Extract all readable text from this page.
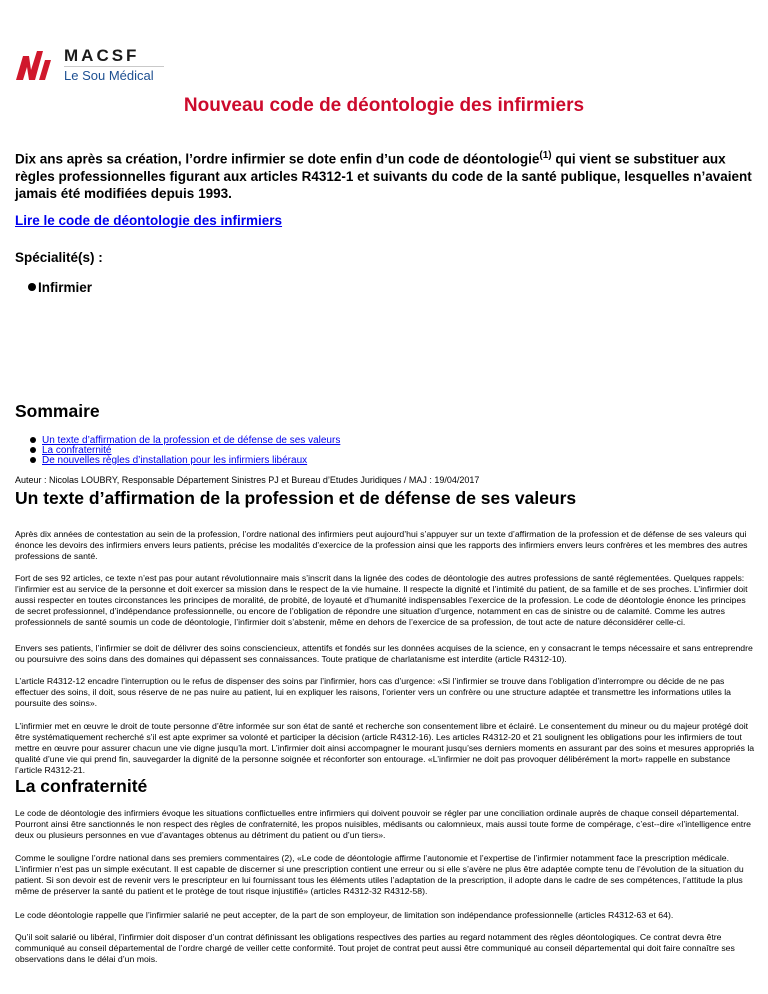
MACSF
Le Sou Médical
Nouveau code de déontologie des infirmiers
Dix ans après sa création, l’ordre infirmier se dote enfin d’un code de déontologie$^{(1)}$ qui vient se substituer aux règles professionnelles figurant aux articles R4312-1 et suivants du code de la santé publique, lesquelles n’avaient jamais été modifiées depuis 1993.
Lire le code de déontologie des infirmiers
Spécialité(s) :
Infirmier
Sommaire
Un texte d’affirmation de la profession et de défense de ses valeurs
La confraternité
De nouvelles règles d’installation pour les infirmiers libéraux
Auteur : Nicolas LOUBRY, Responsable Département Sinistres PJ et Bureau d’Etudes Juridiques / MAJ : 19/04/2017
Un texte d’affirmation de la profession et de défense de ses valeurs

Après dix années de contestation au sein de la profession, l’ordre national des infirmiers peut aujourd’hui s’appuyer sur un texte d’affirmation de la profession et de défense de ses valeurs qui énonce les devoirs des infirmiers envers leurs patients, précise les modalités d’exercice de la profession ainsi que les rapports des infirmiers envers leurs confrères et les membres des autres professions de santé.

Fort de ses 92 articles, ce texte n’est pas pour autant révolutionnaire mais s’inscrit dans la lignée des codes de déontologie des autres professions de santé réglementées. Quelques rappels: l’infirmier est au service de la personne et doit exercer sa mission dans le respect de la vie humaine. Il respecte la dignité et l’intimité du patient, de sa famille et de ses proches. L’infirmier doit aussi respecter en toutes circonstances les principes de moralité, de probité, de loyauté et d’humanité indispensables l’exercice de la profession. Le code de déontologie énonce les principes de secret professionnel, d’indépendance professionnelle, ou encore de l’obligation de répondre une situation d’urgence, notamment en cas de sinistre ou de calamité. Comme les autres professionnels de santé soumis un code de déontologie, l’infirmier doit s’abstenir, même en dehors de l’exercice de sa profession, de tout acte de nature déconsidérer celle-ci.

Envers ses patients, l’infirmier se doit de délivrer des soins consciencieux, attentifs et fondés sur les données acquises de la science, en y consacrant le temps nécessaire et sans entreprendre ou poursuivre des soins dans des domaines qui dépassent ses connaissances. Toute pratique de charlatanisme est interdite (article R4312-10).

L’article R4312-12 encadre l’interruption ou le refus de dispenser des soins par l’infirmier, hors cas d’urgence: «Si l’infirmier se trouve dans l’obligation d’interrompre ou décide de ne pas effectuer des soins, il doit, sous réserve de ne pas nuire au patient, lui en expliquer les raisons, l’orienter vers un confrère ou une structure adaptée et transmettre les informations utiles la poursuite des soins».

L’infirmier met en œuvre le droit de toute personne d’être informée sur son état de santé et recherche son consentement libre et éclairé. Le consentement du mineur ou du majeur protégé doit être systématiquement recherché s’il est apte exprimer sa volonté et participer la décision (article R4312-16). Les articles R4312-20 et 21 soulignent les obligations pour les infirmiers de tout mettre en œuvre pour assurer chacun une vie digne jusqu’la mort. L’infirmier doit ainsi accompagner le mourant jusqu’ses derniers moments en assurant par des soins et mesures appropriés la qualité d’une vie qui prend fin, sauvegarder la dignité de la personne soignée et réconforter son entourage. «L’infirmier ne doit pas provoquer délibérément la mort» rappelle en substance l’article R4312-21.

La confraternité

Le code de déontologie des infirmiers évoque les situations conflictuelles entre infirmiers qui doivent pouvoir se régler par une conciliation ordinale auprès de chaque conseil départemental. Pourront ainsi être sanctionnés le non respect des règles de confraternité, les propos nuisibles, médisants ou calomnieux, mais aussi toute forme de compérage, c’est--dire «l’intelligence entre deux ou plusieurs personnes en vue d’avantages obtenus au détriment du patient ou d’un tiers».

Comme le souligne l’ordre national dans ses premiers commentaires (2), «Le code de déontologie affirme l’autonomie et l’expertise de l’infirmier notamment face la prescription médicale. L’infirmier n’est pas un simple exécutant. Il est capable de discerner si une prescription contient une erreur ou si elle s’avère ne plus être adaptée compte tenu de l’évolution de la situation du patient. Si son devoir est de revenir vers le prescripteur en lui fournissant tous les éléments utiles l’adaptation de la prescription, il adopte dans le cadre de ses compétences, l’attitude la plus même de préserver la santé du patient et le protège de tout risque injustifié» (articles R4312-32 R4312-58).

Le code déontologie rappelle que l’infirmier salarié ne peut accepter, de la part de son employeur, de limitation son indépendance professionnelle (articles R4312-63 et 64).

Qu’il soit salarié ou libéral, l’infirmier doit disposer d’un contrat définissant les obligations respectives des parties au regard notamment des règles déontologiques. Ce contrat devra être communiqué au conseil départemental de l’ordre chargé de veiller cette conformité. Tout projet de contrat peut aussi être communiqué au conseil départemental qui doit faire connaître ses observations dans le délai d’un mois.
